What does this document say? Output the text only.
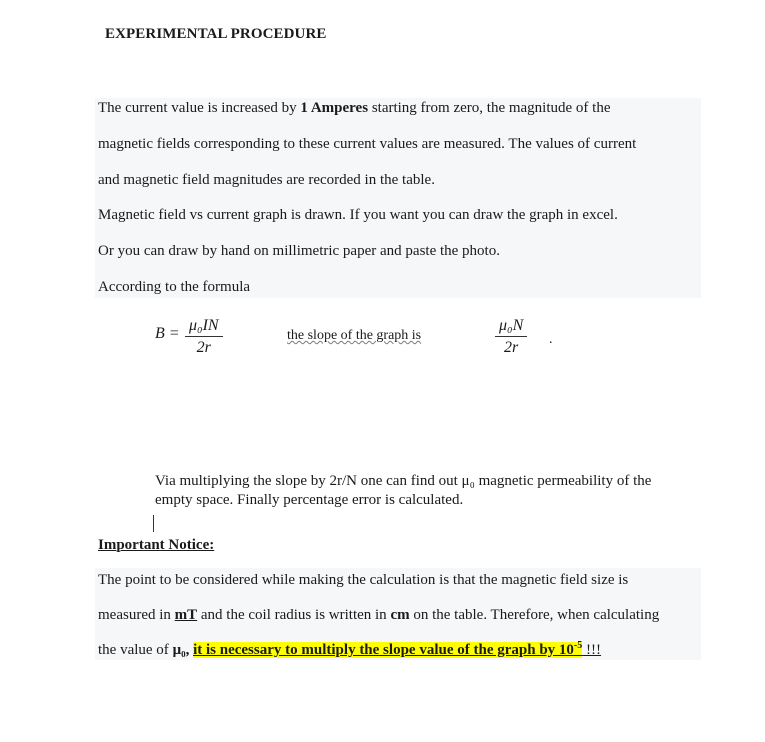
EXPERIMENTAL PROCEDURE
The current value is increased by 1 Amperes starting from zero, the magnitude of the
magnetic fields corresponding to these current values are measured. The values of current
and magnetic field magnitudes are recorded in the table.
Magnetic field vs current graph is drawn. If you want you can draw the graph in excel.
Or you can draw by hand on millimetric paper and paste the photo.
According to the formula
$B = \frac{\text{μ₀IN}}{2r}$	the slope of the graph is	$\frac{\text{μ₀N}}{2r}$ .
Via multiplying the slope by 2r/N one can find out μ₀ magnetic permeability of the
empty space. Finally percentage error is calculated.
Important Notice:
The point to be considered while making the calculation is that the magnetic field size is
measured in mT and the coil radius is written in cm on the table. Therefore, when calculating
the value of μ₀, it is necessary to multiply the slope value of the graph by $10^{-5}$ !!!
